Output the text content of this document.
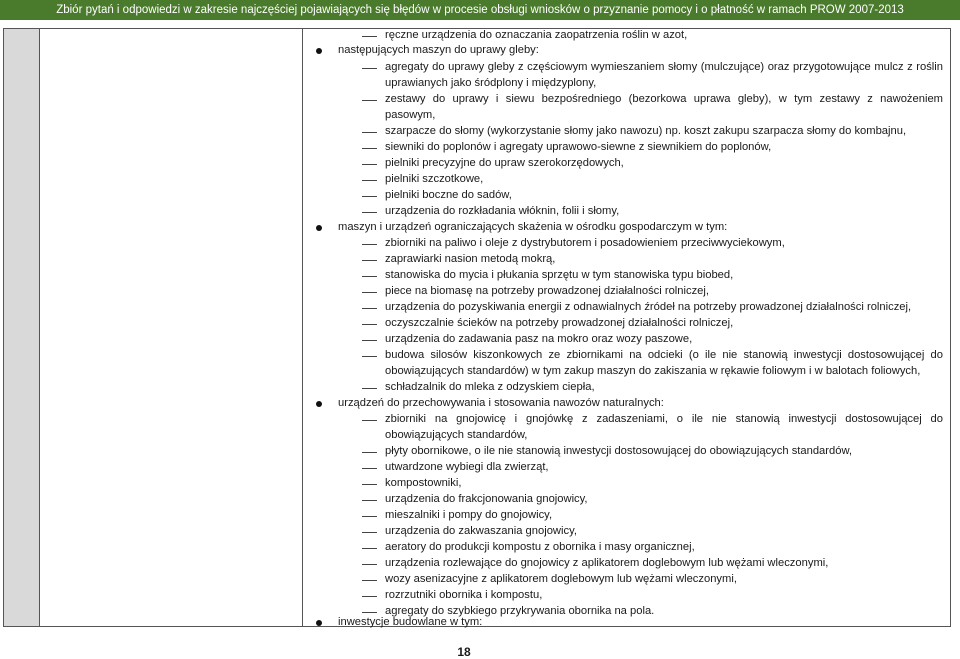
Zbiór pytań i odpowiedzi w zakresie najczęściej pojawiających się błędów w procesie obsługi wniosków o przyznanie pomocy i o płatność w ramach PROW 2007-2013
ręczne urządzenia do oznaczania zaopatrzenia roślin w azot,
następujących maszyn do uprawy gleby:
agregaty do uprawy gleby z częściowym wymieszaniem słomy (mulczujące) oraz przygotowujące mulcz z roślin
uprawianych jako śródplony i międzyplony,
zestawy do uprawy i siewu bezpośredniego (bezorkowa uprawa gleby), w tym zestawy z nawożeniem
pasowym,
szarpacze do słomy (wykorzystanie słomy jako nawozu) np. koszt zakupu szarpacza słomy do kombajnu,
siewniki do poplonów i agregaty uprawowo-siewne z siewnikiem do poplonów,
pielniki precyzyjne do upraw szerokorzędowych,
pielniki szczotkowe,
pielniki boczne do sadów,
urządzenia do rozkładania włóknin, folii i słomy,
maszyn i urządzeń ograniczających skażenia w ośrodku gospodarczym w tym:
zbiorniki na paliwo i oleje z dystrybutorem i posadowieniem przeciwwyciekowym,
zaprawiarki nasion metodą mokrą,
stanowiska do mycia i płukania sprzętu w tym stanowiska typu biobed,
piece na biomasę na potrzeby prowadzonej działalności rolniczej,
urządzenia do pozyskiwania energii z odnawialnych źródeł na potrzeby prowadzonej działalności rolniczej,
oczyszczalnie ścieków na potrzeby prowadzonej działalności rolniczej,
urządzenia do zadawania pasz na mokro oraz wozy paszowe,
budowa silosów kiszonkowych ze zbiornikami na odcieki (o ile nie stanowią inwestycji dostosowującej do
obowiązujących standardów) w tym zakup maszyn do zakiszania w rękawie foliowym i w balotach foliowych,
schładzalnik do mleka z odzyskiem ciepła,
urządzeń do przechowywania i stosowania nawozów naturalnych:
zbiorniki na gnojowicę i gnojówkę z zadaszeniami, o ile nie stanowią inwestycji dostosowującej do
obowiązujących standardów,
płyty obornikowe, o ile nie stanowią inwestycji dostosowującej do obowiązujących standardów,
utwardzone wybiegi dla zwierząt,
kompostowniki,
urządzenia do frakcjonowania gnojowicy,
mieszalniki i pompy do gnojowicy,
urządzenia do zakwaszania gnojowicy,
aeratory do produkcji kompostu z obornika i masy organicznej,
urządzenia rozlewające do gnojowicy z aplikatorem doglebowym lub wężami wleczonymi,
wozy asenizacyjne z aplikatorem doglebowym lub wężami wleczonymi,
rozrzutniki obornika i kompostu,
agregaty do szybkiego przykrywania obornika na pola.
inwestycje budowlane w tym:
18
